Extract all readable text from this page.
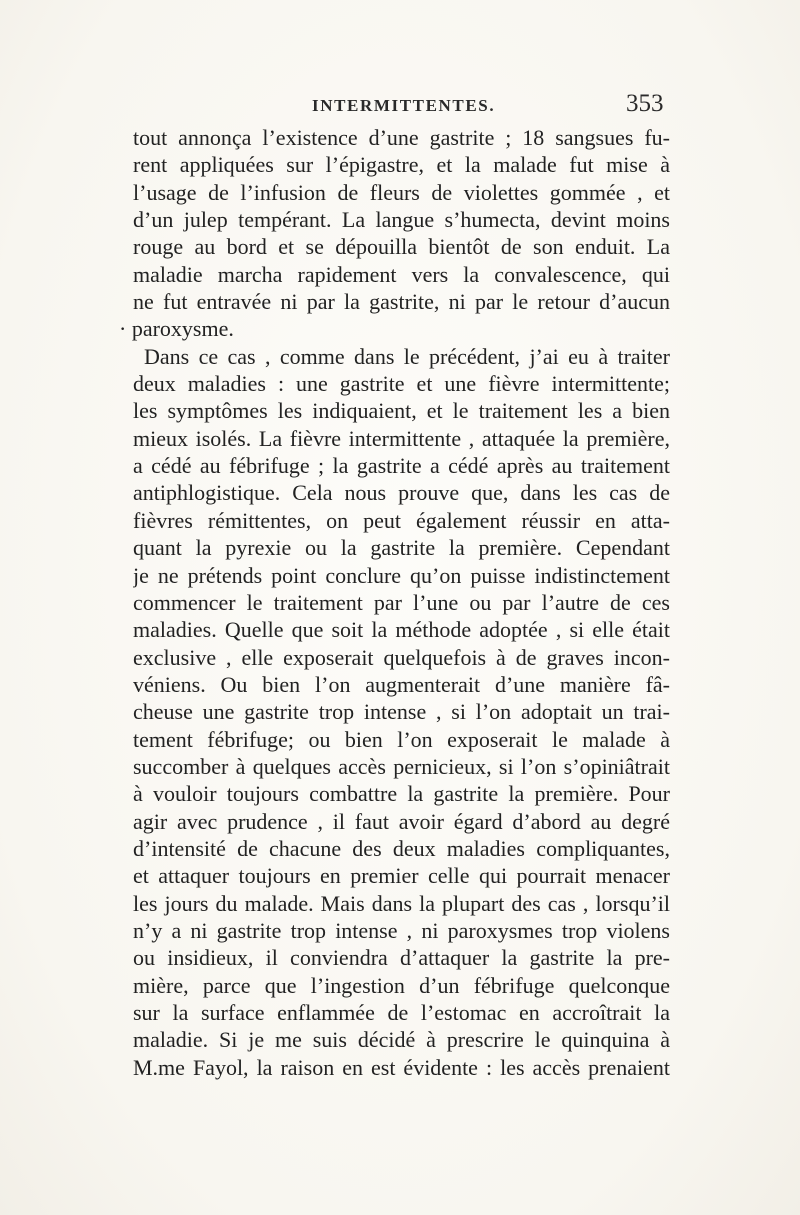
INTERMITTENTES.	353
tout annonça l’existence d’une gastrite ; 18 sangsues fu-
rent appliquées sur l’épigastre, et la malade fut mise à
l’usage de l’infusion de fleurs de violettes gommée , et
d’un julep tempérant. La langue s’humecta, devint moins
rouge au bord et se dépouilla bientôt de son enduit. La
maladie marcha rapidement vers la convalescence, qui
ne fut entravée ni par la gastrite, ni par le retour d’aucun
· paroxysme.
Dans ce cas , comme dans le précédent, j’ai eu à traiter
deux maladies : une gastrite et une fièvre intermittente;
les symptômes les indiquaient, et le traitement les a bien
mieux isolés. La fièvre intermittente , attaquée la première,
a cédé au fébrifuge ; la gastrite a cédé après au traitement
antiphlogistique. Cela nous prouve que, dans les cas de
fièvres rémittentes, on peut également réussir en atta-
quant la pyrexie ou la gastrite la première. Cependant
je ne prétends point conclure qu’on puisse indistinctement
commencer le traitement par l’une ou par l’autre de ces
maladies. Quelle que soit la méthode adoptée , si elle était
exclusive , elle exposerait quelquefois à de graves incon-
véniens. Ou bien l’on augmenterait d’une manière fâ-
cheuse une gastrite trop intense , si l’on adoptait un trai-
tement fébrifuge; ou bien l’on exposerait le malade à
succomber à quelques accès pernicieux, si l’on s’opiniâtrait
à vouloir toujours combattre la gastrite la première. Pour
agir avec prudence , il faut avoir égard d’abord au degré
d’intensité de chacune des deux maladies compliquantes,
et attaquer toujours en premier celle qui pourrait menacer
les jours du malade. Mais dans la plupart des cas , lorsqu’il
n’y a ni gastrite trop intense , ni paroxysmes trop violens
ou insidieux, il conviendra d’attaquer la gastrite la pre-
mière, parce que l’ingestion d’un fébrifuge quelconque
sur la surface enflammée de l’estomac en accroîtrait la
maladie. Si je me suis décidé à prescrire le quinquina à
M.me Fayol, la raison en est évidente : les accès prenaient
